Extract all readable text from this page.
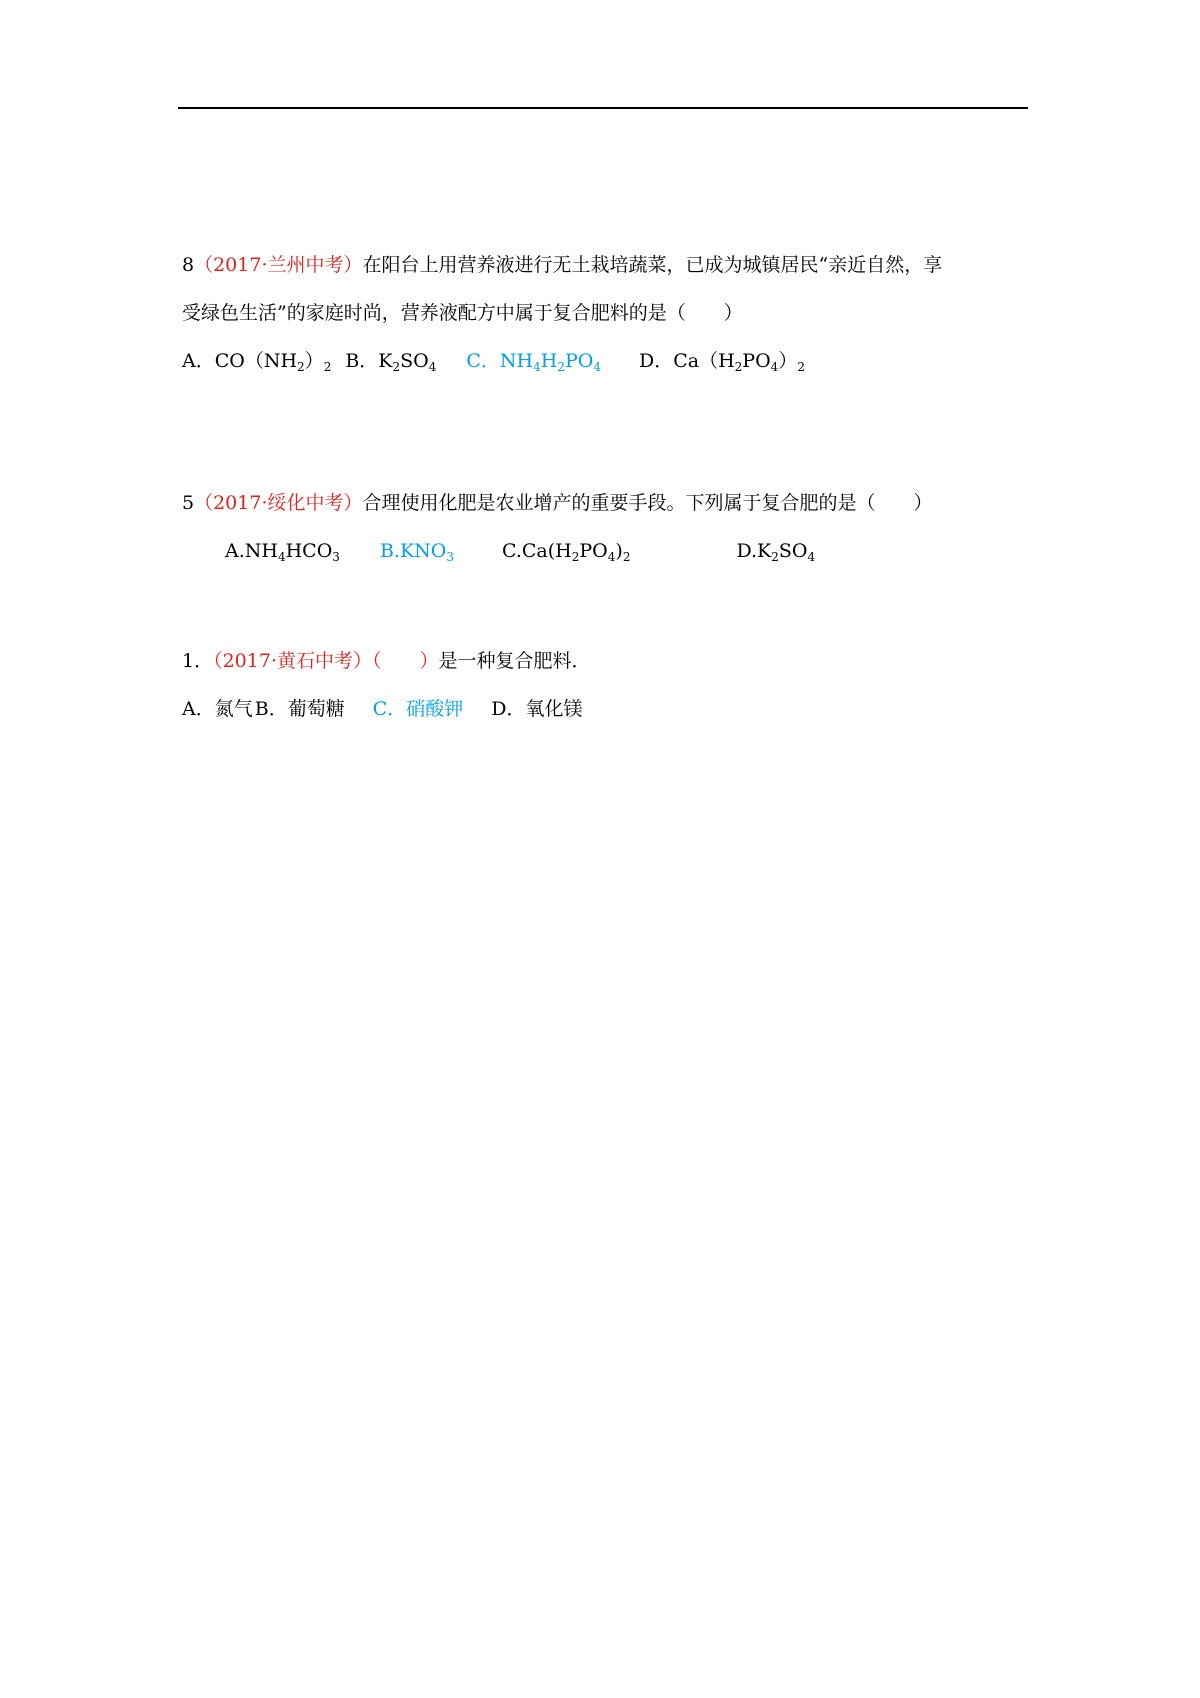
8（2017·兰州中考）在阳台上用营养液进行无土栽培蔬菜，已成为城镇居民“亲近自然，享
受绿色生活”的家庭时尚，营养液配方中属于复合肥料的是（　　）
A．$CO(NH_2)_2$ B．$K_2SO_4$ C．$NH_4H_2PO_4$ D．$Ca(H_2PO_4)_2$
5（2017·绥化中考）合理使用化肥是农业增产的重要手段。下列属于复合肥的是（　　）
$A.NH_4HCO_3$ $B.KNO_3$	$C.Ca(H_2PO_4)_2$	$D.K_2SO_4$
1．（2017·黄石中考）（　　）是一种复合肥料．
A．氮气 B．葡萄糖 C．硝酸钾 D．氧化镁
